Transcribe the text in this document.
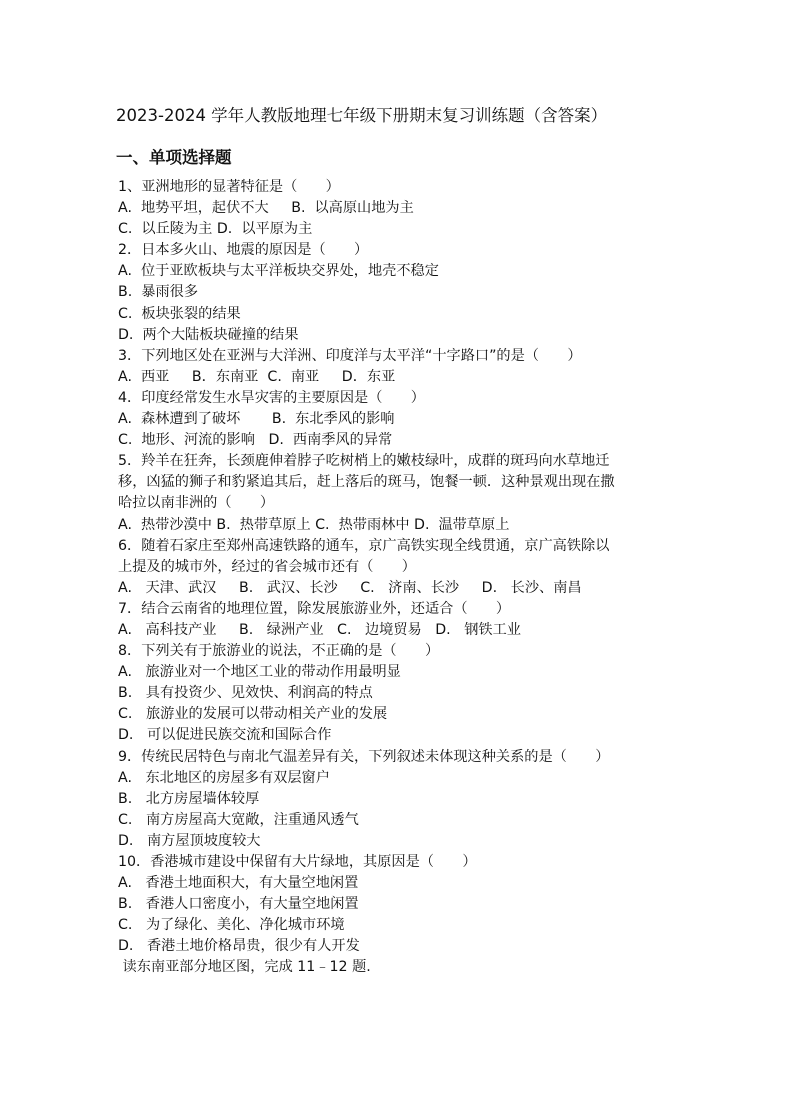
2023-2024 学年人教版地理七年级下册期末复习训练题（含答案）
一、单项选择题
1、亚洲地形的显著特征是（　　）
A.  地势平坦，起伏不大     B.  以高原山地为主
C.  以丘陵为主 D.  以平原为主
2．日本多火山、地震的原因是（　　）
A.  位于亚欧板块与太平洋板块交界处，地壳不稳定
B.  暴雨很多
C.  板块张裂的结果
D.  两个大陆板块碰撞的结果
3．下列地区处在亚洲与大洋洲、印度洋与太平洋“十字路口”的是（　　）
A.  西亚     B．东南亚  C.  南亚     D．东亚
4．印度经常发生水旱灾害的主要原因是（　　）
A.  森林遭到了破坏       B.  东北季风的影响
C.  地形、河流的影响   D.  西南季风的异常
5．羚羊在狂奔，长颈鹿伸着脖子吃树梢上的嫩枝绿叶，成群的斑玛向水草地迁
移，凶猛的狮子和豹紧追其后，赶上落后的斑马，饱餐一顿．这种景观出现在撒
哈拉以南非洲的（　　）
A.  热带沙漠中 B.  热带草原上 C.  热带雨林中 D.  温带草原上
6．随着石家庄至郑州高速铁路的通车，京广高铁实现全线贯通，京广高铁除以
上提及的城市外，经过的省会城市还有（　　）
A.   天津、武汉     B.   武汉、长沙     C.   济南、长沙     D.   长沙、南昌
7．结合云南省的地理位置，除发展旅游业外，还适合（　　）
A.   高科技产业     B.   绿洲产业   C.   边境贸易   D.   钢铁工业
8．下列关有于旅游业的说法，不正确的是（　　）
A.   旅游业对一个地区工业的带动作用最明显
B.   具有投资少、见效快、利润高的特点
C.   旅游业的发展可以带动相关产业的发展
D.   可以促进民族交流和国际合作
9．传统民居特色与南北气温差异有关，下列叙述未体现这种关系的是（　　）
A.   东北地区的房屋多有双层窗户
B.   北方房屋墙体较厚
C.   南方房屋高大宽敞，注重通风透气
D.   南方屋顶坡度较大
10．香港城市建设中保留有大片绿地，其原因是（　　）
A.   香港土地面积大，有大量空地闲置
B.   香港人口密度小，有大量空地闲置
C.   为了绿化、美化、净化城市环境
D.   香港土地价格昂贵，很少有人开发
读东南亚部分地区图，完成 11﹣12 题.
